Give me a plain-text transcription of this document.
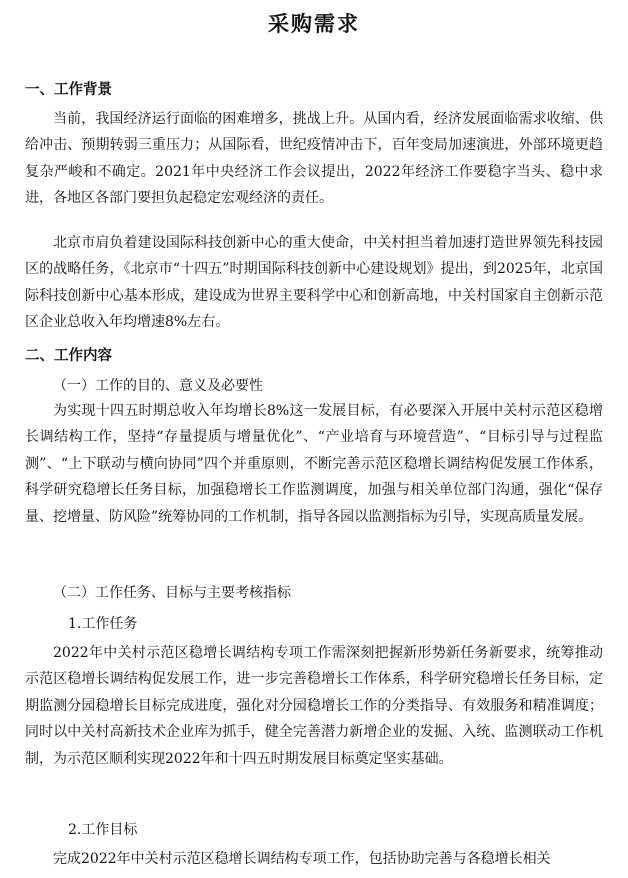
采购需求
一、工作背景

当前，我国经济运行面临的困难增多，挑战上升。从国内看，经济发展面临需求收缩、供给冲击、预期转弱三重压力；从国际看，世纪疫情冲击下，百年变局加速演进，外部环境更趋复杂严峻和不确定。2021年中央经济工作会议提出，2022年经济工作要稳字当头、稳中求进，各地区各部门要担负起稳定宏观经济的责任。

北京市肩负着建设国际科技创新中心的重大使命，中关村担当着加速打造世界领先科技园区的战略任务，《北京市“十四五”时期国际科技创新中心建设规划》提出，到2025年，北京国际科技创新中心基本形成，建设成为世界主要科学中心和创新高地，中关村国家自主创新示范区企业总收入年均增速8%左右。

二、工作内容

（一）工作的目的、意义及必要性

为实现十四五时期总收入年均增长8%这一发展目标，有必要深入开展中关村示范区稳增长调结构工作，坚持“存量提质与增量优化”、“产业培育与环境营造”、“目标引导与过程监测”、“上下联动与横向协同”四个并重原则，不断完善示范区稳增长调结构促发展工作体系，科学研究稳增长任务目标，加强稳增长工作监测调度，加强与相关单位部门沟通，强化“保存量、挖增量、防风险”统筹协同的工作机制，指导各园以监测指标为引导，实现高质量发展。

（二）工作任务、目标与主要考核指标

1.工作任务

2022年中关村示范区稳增长调结构专项工作需深刻把握新形势新任务新要求，统筹推动示范区稳增长调结构促发展工作，进一步完善稳增长工作体系，科学研究稳增长任务目标，定期监测分园稳增长目标完成进度，强化对分园稳增长工作的分类指导、有效服务和精准调度；同时以中关村高新技术企业库为抓手，健全完善潜力新增企业的发掘、入统、监测联动工作机制，为示范区顺利实现2022年和十四五时期发展目标奠定坚实基础。

2.工作目标

完成2022年中关村示范区稳增长调结构专项工作，包括协助完善与各稳增长相关
